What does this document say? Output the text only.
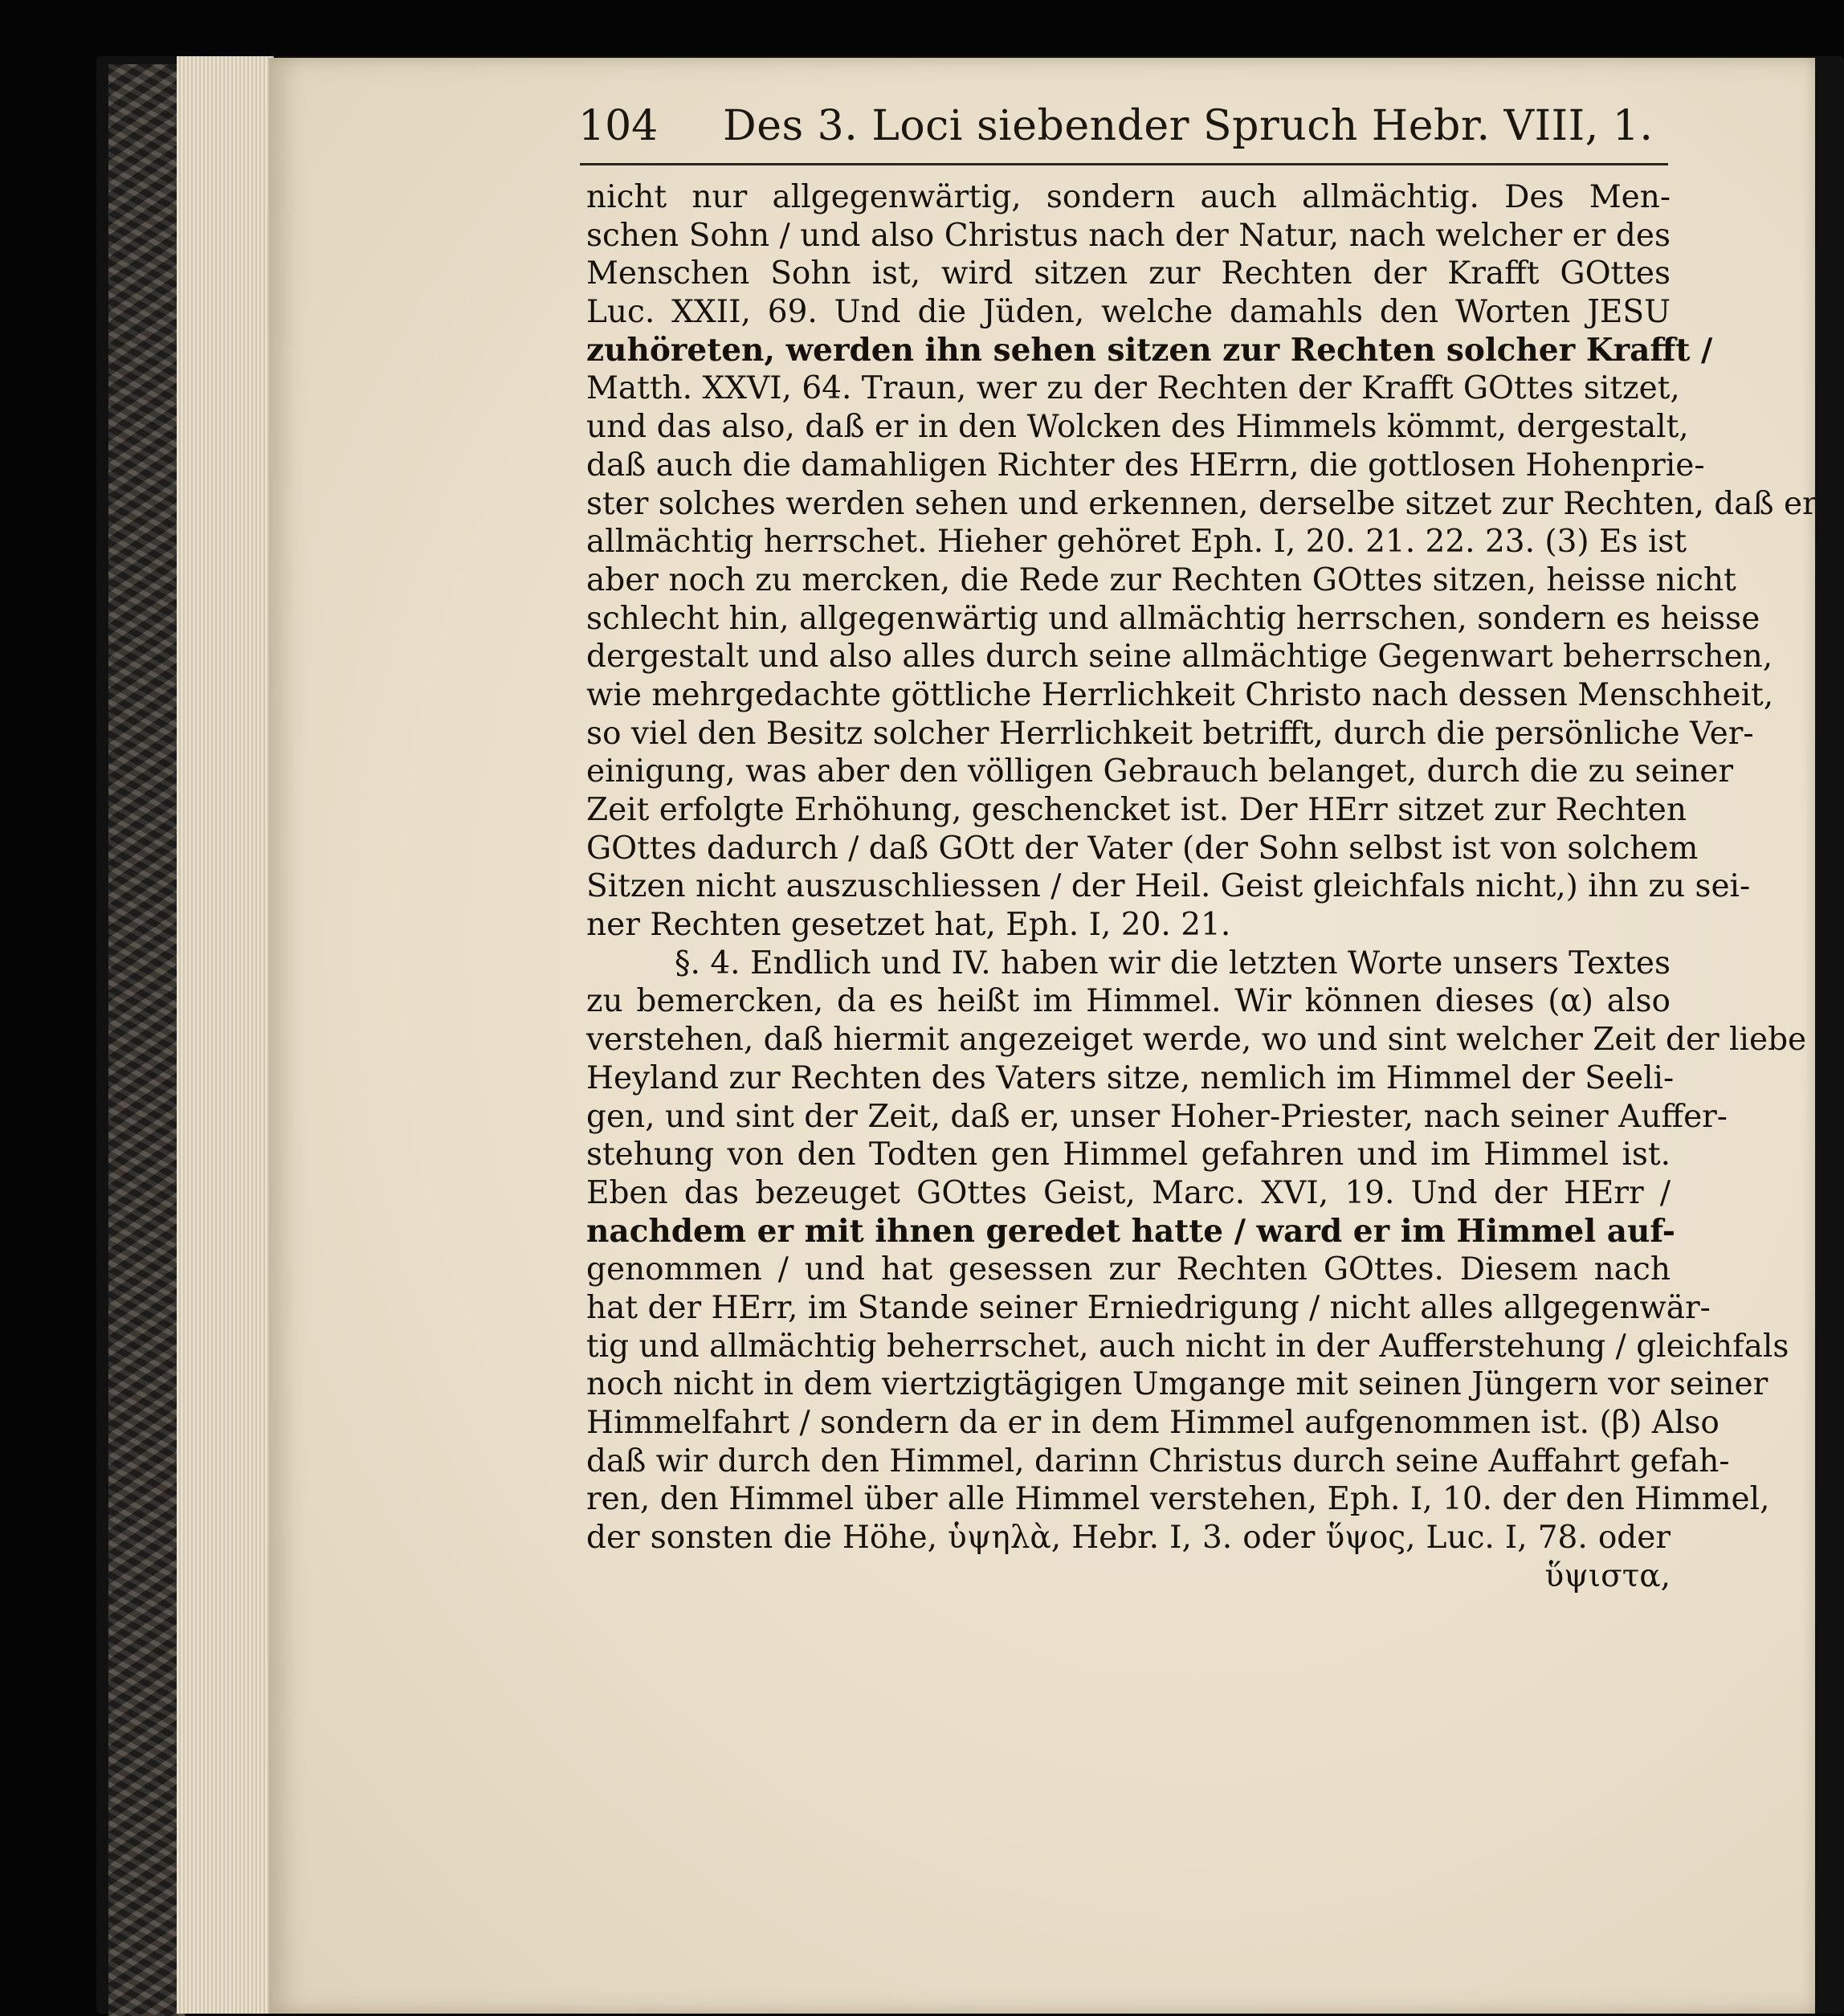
104 Des 3. Loci siebender Spruch Hebr. VIII, 1.
nicht nur allgegenwärtig, sondern auch allmächtig. Des Men-
schen Sohn / und also Christus nach der Natur, nach welcher er des
Menschen Sohn ist, wird sitzen zur Rechten der Krafft GOttes
Luc. XXII, 69. Und die Jüden, welche damahls den Worten JESU
zuhöreten, werden ihn sehen sitzen zur Rechten solcher Krafft /
Matth. XXVI, 64. Traun, wer zu der Rechten der Krafft GOttes sitzet,
und das also, daß er in den Wolcken des Himmels kömmt, dergestalt,
daß auch die damahligen Richter des HErrn, die gottlosen Hohenprie-
ster solches werden sehen und erkennen, derselbe sitzet zur Rechten, daß er
allmächtig herrschet. Hieher gehöret Eph. I, 20. 21. 22. 23. (3) Es ist
aber noch zu mercken, die Rede zur Rechten GOttes sitzen, heisse nicht
schlecht hin, allgegenwärtig und allmächtig herrschen, sondern es heisse
dergestalt und also alles durch seine allmächtige Gegenwart beherrschen,
wie mehrgedachte göttliche Herrlichkeit Christo nach dessen Menschheit,
so viel den Besitz solcher Herrlichkeit betrifft, durch die persönliche Ver-
einigung, was aber den völligen Gebrauch belanget, durch die zu seiner
Zeit erfolgte Erhöhung, geschencket ist. Der HErr sitzet zur Rechten
GOttes dadurch / daß GOtt der Vater (der Sohn selbst ist von solchem
Sitzen nicht auszuschliessen / der Heil. Geist gleichfals nicht,) ihn zu sei-
ner Rechten gesetzet hat, Eph. I, 20. 21.
§. 4. Endlich und IV. haben wir die letzten Worte unsers Textes
zu bemercken, da es heißt im Himmel. Wir können dieses (α) also
verstehen, daß hiermit angezeiget werde, wo und sint welcher Zeit der liebe
Heyland zur Rechten des Vaters sitze, nemlich im Himmel der Seeli-
gen, und sint der Zeit, daß er, unser Hoher-Priester, nach seiner Auffer-
stehung von den Todten gen Himmel gefahren und im Himmel ist.
Eben das bezeuget GOttes Geist, Marc. XVI, 19. Und der HErr /
nachdem er mit ihnen geredet hatte / ward er im Himmel auf-
genommen / und hat gesessen zur Rechten GOttes. Diesem nach
hat der HErr, im Stande seiner Erniedrigung / nicht alles allgegenwär-
tig und allmächtig beherrschet, auch nicht in der Aufferstehung / gleichfals
noch nicht in dem viertzigtägigen Umgange mit seinen Jüngern vor seiner
Himmelfahrt / sondern da er in dem Himmel aufgenommen ist. (β) Also
daß wir durch den Himmel, darinn Christus durch seine Auffahrt gefah-
ren, den Himmel über alle Himmel verstehen, Eph. I, 10. der den Himmel,
der sonsten die Höhe, ὑψηλὰ, Hebr. I, 3. oder ὕψος, Luc. I, 78. oder
ὕψιστα,
